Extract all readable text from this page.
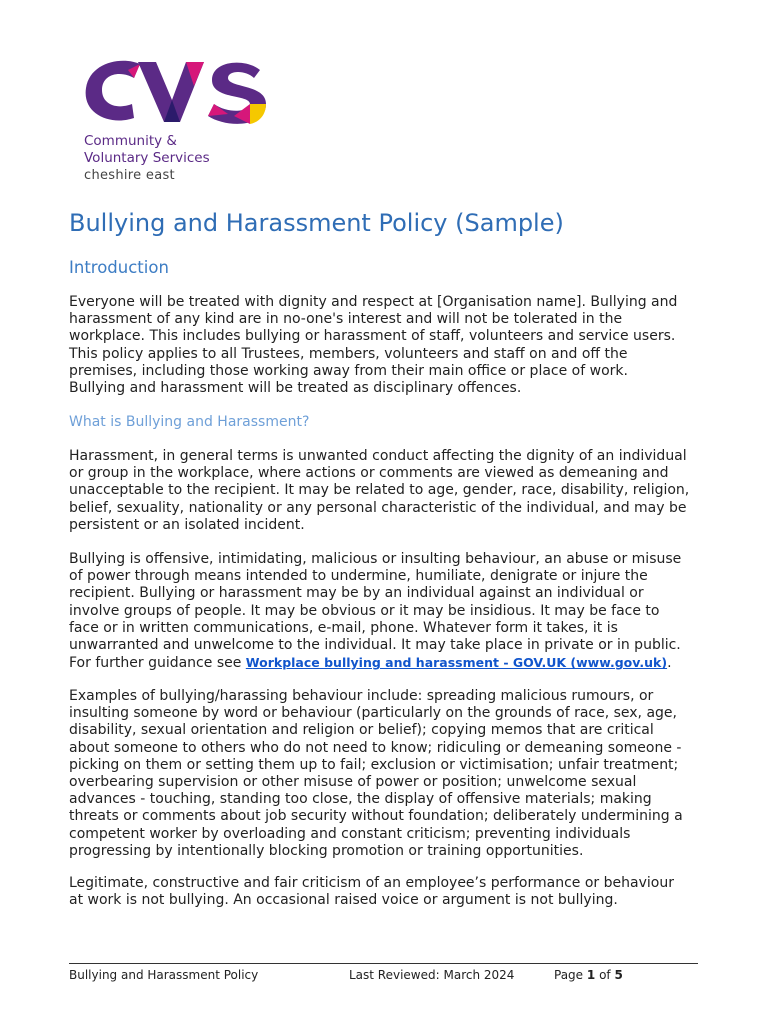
Community &
Voluntary Services
cheshire east
Bullying and Harassment Policy (Sample)
Introduction
Everyone will be treated with dignity and respect at [Organisation name]. Bullying and
harassment of any kind are in no-one's interest and will not be tolerated in the
workplace. This includes bullying or harassment of staff, volunteers and service users.
This policy applies to all Trustees, members, volunteers and staff on and off the
premises, including those working away from their main office or place of work.
Bullying and harassment will be treated as disciplinary offences.
What is Bullying and Harassment?
Harassment, in general terms is unwanted conduct affecting the dignity of an individual
or group in the workplace, where actions or comments are viewed as demeaning and
unacceptable to the recipient. It may be related to age, gender, race, disability, religion,
belief, sexuality, nationality or any personal characteristic of the individual, and may be
persistent or an isolated incident.
Bullying is offensive, intimidating, malicious or insulting behaviour, an abuse or misuse
of power through means intended to undermine, humiliate, denigrate or injure the
recipient. Bullying or harassment may be by an individual against an individual or
involve groups of people. It may be obvious or it may be insidious. It may be face to
face or in written communications, e-mail, phone. Whatever form it takes, it is
unwarranted and unwelcome to the individual. It may take place in private or in public.
For further guidance see Workplace bullying and harassment - GOV.UK (www.gov.uk).
Examples of bullying/harassing behaviour include: spreading malicious rumours, or
insulting someone by word or behaviour (particularly on the grounds of race, sex, age,
disability, sexual orientation and religion or belief); copying memos that are critical
about someone to others who do not need to know; ridiculing or demeaning someone -
picking on them or setting them up to fail; exclusion or victimisation; unfair treatment;
overbearing supervision or other misuse of power or position; unwelcome sexual
advances - touching, standing too close, the display of offensive materials; making
threats or comments about job security without foundation; deliberately undermining a
competent worker by overloading and constant criticism; preventing individuals
progressing by intentionally blocking promotion or training opportunities.
Legitimate, constructive and fair criticism of an employee’s performance or behaviour
at work is not bullying. An occasional raised voice or argument is not bullying.
Bullying and Harassment Policy	Last Reviewed: March 2024	Page 1 of 5
